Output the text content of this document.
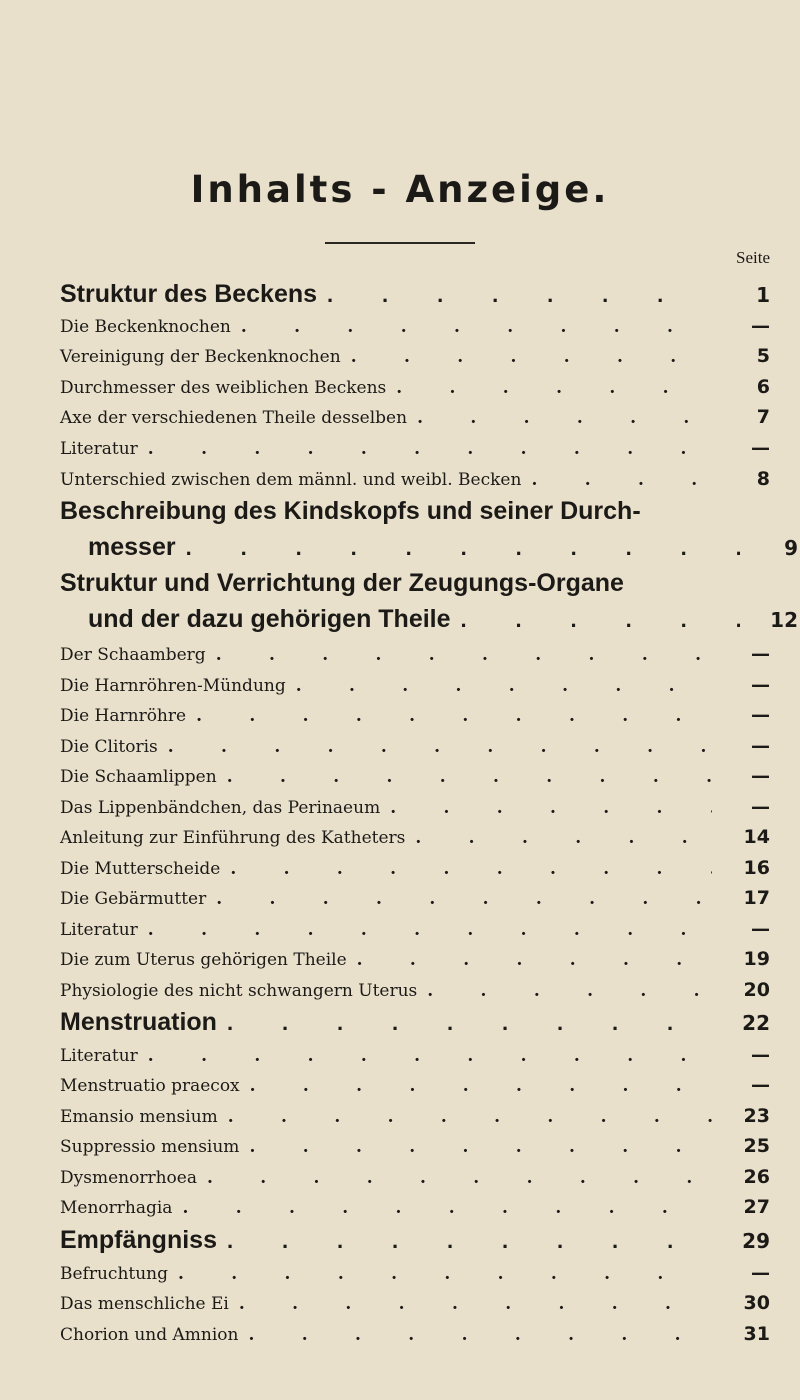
Inhalts - Anzeige.
Seite
Struktur des Beckens .	1
Die Beckenknochen .	—
Vereinigung der Beckenknochen .	5
Durchmesser des weiblichen Beckens .	6
Axe der verschiedenen Theile desselben .	7
Literatur .	—
Unterschied zwischen dem männl. und weibl. Becken .	8
Beschreibung des Kindskopfs und seiner Durch-
messer .	9
Struktur und Verrichtung der Zeugungs-Organe
und der dazu gehörigen Theile .	12
Der Schaamberg .	—
Die Harnröhren-Mündung .	—
Die Harnröhre .	—
Die Clitoris .	—
Die Schaamlippen .	—
Das Lippenbändchen, das Perinaeum .	—
Anleitung zur Einführung des Katheters .	14
Die Mutterscheide .	16
Die Gebärmutter .	17
Literatur .	—
Die zum Uterus gehörigen Theile .	19
Physiologie des nicht schwangern Uterus .	20
Menstruation .	22
Literatur .	—
Menstruatio praecox .	—
Emansio mensium .	23
Suppressio mensium .	25
Dysmenorrhoea .	26
Menorrhagia .	27
Empfängniss .	29
Befruchtung .	—
Das menschliche Ei .	30
Chorion und Amnion .	31
